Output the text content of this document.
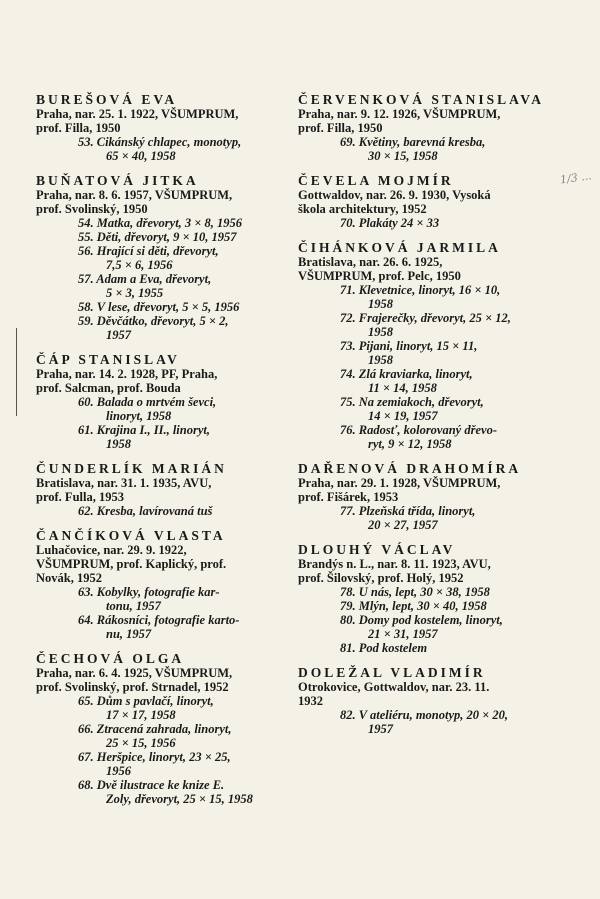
BUREŠOVÁ EVA
Praha, nar. 25. 1. 1922, VŠUMPRUM,
prof. Filla, 1950
53. Cikánský chlapec, monotyp,
65 × 40, 1958
BUŇATOVÁ JITKA
Praha, nar. 8. 6. 1957, VŠUMPRUM,
prof. Svolinský, 1950
54. Matka, dřevoryt, 3 × 8, 1956
55. Děti, dřevoryt, 9 × 10, 1957
56. Hrající si děti, dřevoryt,
7,5 × 6, 1956
57. Adam a Eva, dřevoryt,
5 × 3, 1955
58. V lese, dřevoryt, 5 × 5, 1956
59. Děvčátko, dřevoryt, 5 × 2,
1957
ČÁP STANISLAV
Praha, nar. 14. 2. 1928, PF, Praha,
prof. Salcman, prof. Bouda
60. Balada o mrtvém ševci,
linoryt, 1958
61. Krajina I., II., linoryt,
1958
ČUNDERLÍK MARIÁN
Bratislava, nar. 31. 1. 1935, AVU,
prof. Fulla, 1953
62. Kresba, lavírovaná tuš
ČANČÍKOVÁ VLASTA
Luhačovice, nar. 29. 9. 1922,
VŠUMPRUM, prof. Kaplický, prof.
Novák, 1952
63. Kobylky, fotografie kar-
tonu, 1957
64. Rákosníci, fotografie karto-
nu, 1957
ČECHOVÁ OLGA
Praha, nar. 6. 4. 1925, VŠUMPRUM,
prof. Svolinský, prof. Strnadel, 1952
65. Dům s pavlačí, linoryt,
17 × 17, 1958
66. Ztracená zahrada, linoryt,
25 × 15, 1956
67. Heršpice, linoryt, 23 × 25,
1956
68. Dvě ilustrace ke knize E.
Zoly, dřevoryt, 25 × 15, 1958
ČERVENKOVÁ STANISLAVA
Praha, nar. 9. 12. 1926, VŠUMPRUM,
prof. Filla, 1950
69. Květiny, barevná kresba,
30 × 15, 1958
ČEVELA MOJMÍR
Gottwaldov, nar. 26. 9. 1930, Vysoká
škola architektury, 1952
70. Plakáty 24 × 33
ČIHÁNKOVÁ JARMILA
Bratislava, nar. 26. 6. 1925,
VŠUMPRUM, prof. Pelc, 1950
71. Klevetnice, linoryt, 16 × 10,
1958
72. Frajerečky, dřevoryt, 25 × 12,
1958
73. Pijani, linoryt, 15 × 11,
1958
74. Zlá kraviarka, linoryt,
11 × 14, 1958
75. Na zemiakoch, dřevoryt,
14 × 19, 1957
76. Radosť, kolorovaný dřevo-
ryt, 9 × 12, 1958
DAŘENOVÁ DRAHOMÍRA
Praha, nar. 29. 1. 1928, VŠUMPRUM,
prof. Fišárek, 1953
77. Plzeňská třída, linoryt,
20 × 27, 1957
DLOUHÝ VÁCLAV
Brandýs n. L., nar. 8. 11. 1923, AVU,
prof. Šilovský, prof. Holý, 1952
78. U nás, lept, 30 × 38, 1958
79. Mlýn, lept, 30 × 40, 1958
80. Domy pod kostelem, linoryt,
21 × 31, 1957
81. Pod kostelem
DOLEŽAL VLADIMÍR
Otrokovice, Gottwaldov, nar. 23. 11.
1932
82. V ateliéru, monotyp, 20 × 20,
1957
1/3 ...
